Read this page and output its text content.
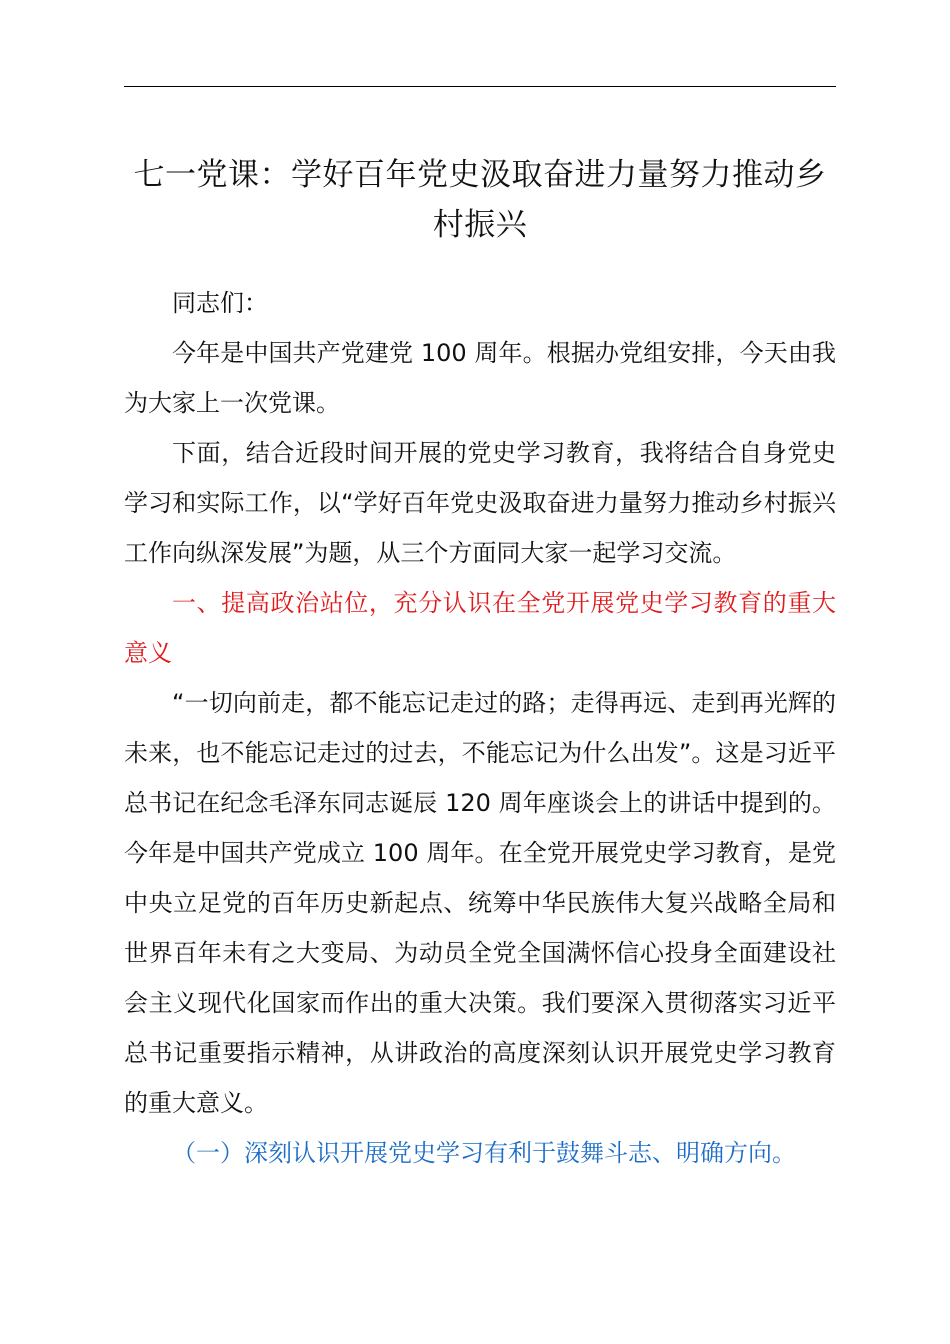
七一党课：学好百年党史汲取奋进力量努力推动乡村振兴

同志们：

今年是中国共产党建党 100 周年。根据办党组安排，今天由我为大家上一次党课。

下面，结合近段时间开展的党史学习教育，我将结合自身党史学习和实际工作，以“学好百年党史汲取奋进力量努力推动乡村振兴工作向纵深发展”为题，从三个方面同大家一起学习交流。

一、提高政治站位，充分认识在全党开展党史学习教育的重大意义

“一切向前走，都不能忘记走过的路；走得再远、走到再光辉的未来，也不能忘记走过的过去，不能忘记为什么出发”。这是习近平总书记在纪念毛泽东同志诞辰 120 周年座谈会上的讲话中提到的。今年是中国共产党成立 100 周年。在全党开展党史学习教育，是党中央立足党的百年历史新起点、统筹中华民族伟大复兴战略全局和世界百年未有之大变局、为动员全党全国满怀信心投身全面建设社会主义现代化国家而作出的重大决策。我们要深入贯彻落实习近平总书记重要指示精神，从讲政治的高度深刻认识开展党史学习教育的重大意义。

（一）深刻认识开展党史学习有利于鼓舞斗志、明确方向。
